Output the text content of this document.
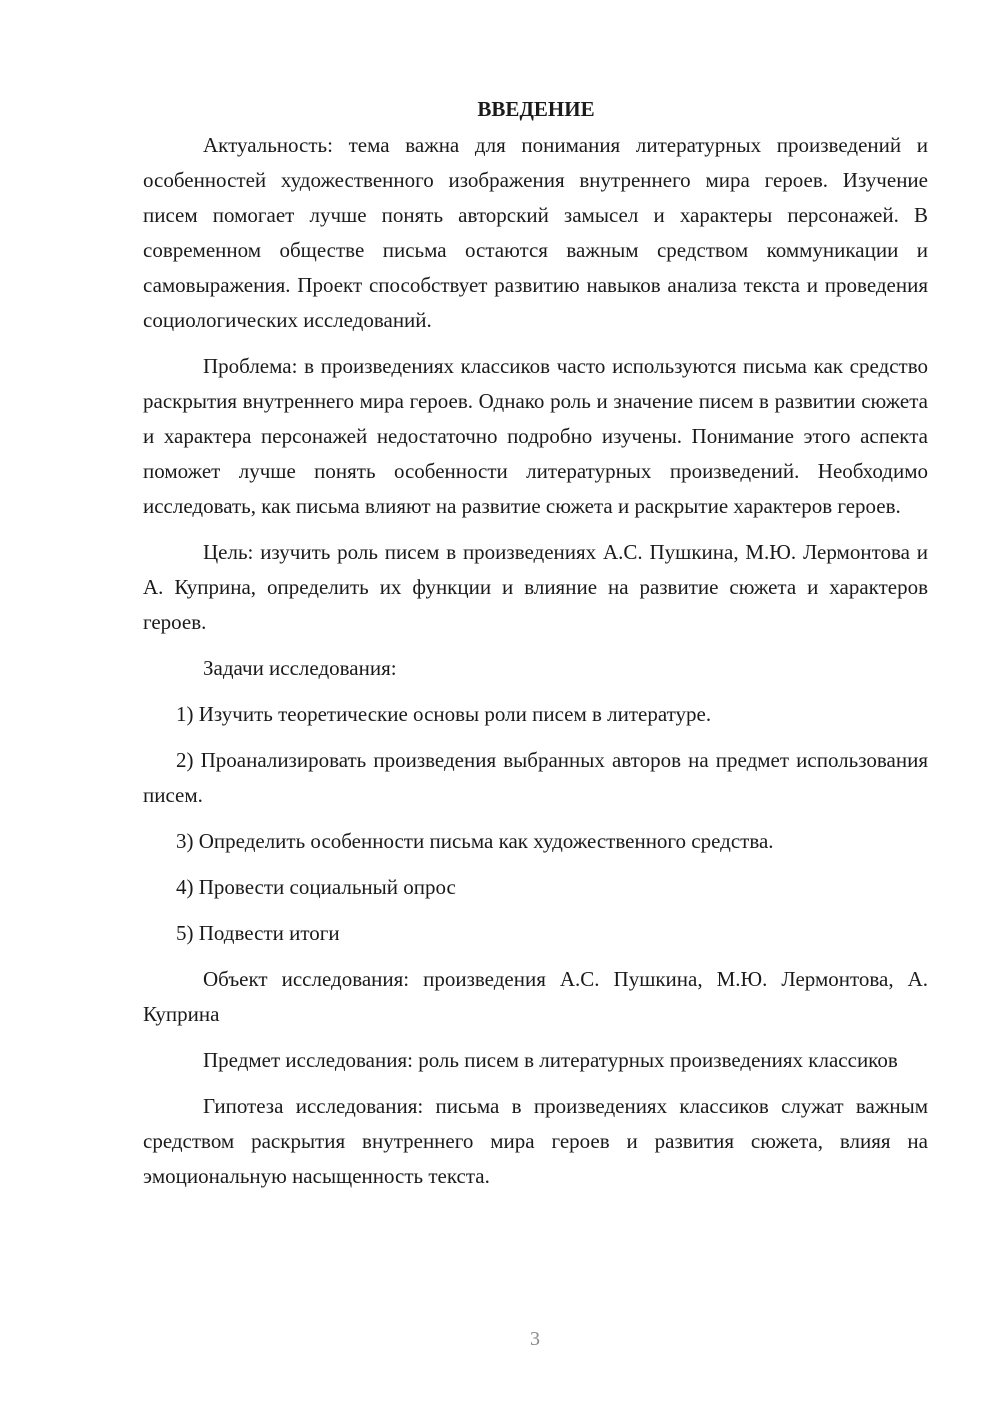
ВВЕДЕНИЕ

Актуальность: тема важна для понимания литературных произведений и особенностей художественного изображения внутреннего мира героев. Изучение писем помогает лучше понять авторский замысел и характеры персонажей. В современном обществе письма остаются важным средством коммуникации и самовыражения. Проект способствует развитию навыков анализа текста и проведения социологических исследований.

Проблема: в произведениях классиков часто используются письма как средство раскрытия внутреннего мира героев. Однако роль и значение писем в развитии сюжета и характера персонажей недостаточно подробно изучены. Понимание этого аспекта поможет лучше понять особенности литературных произведений. Необходимо исследовать, как письма влияют на развитие сюжета и раскрытие характеров героев.

Цель: изучить роль писем в произведениях А.С. Пушкина, М.Ю. Лермонтова и А. Куприна, определить их функции и влияние на развитие сюжета и характеров героев.

Задачи исследования:

1) Изучить теоретические основы роли писем в литературе.

2) Проанализировать произведения выбранных авторов на предмет использования писем.

3) Определить особенности письма как художественного средства.

4) Провести социальный опрос

5) Подвести итоги

Объект исследования: произведения А.С. Пушкина, М.Ю. Лермонтова, А. Куприна

Предмет исследования: роль писем в литературных произведениях классиков

Гипотеза исследования: письма в произведениях классиков служат важным средством раскрытия внутреннего мира героев и развития сюжета, влияя на эмоциональную насыщенность текста.

3
